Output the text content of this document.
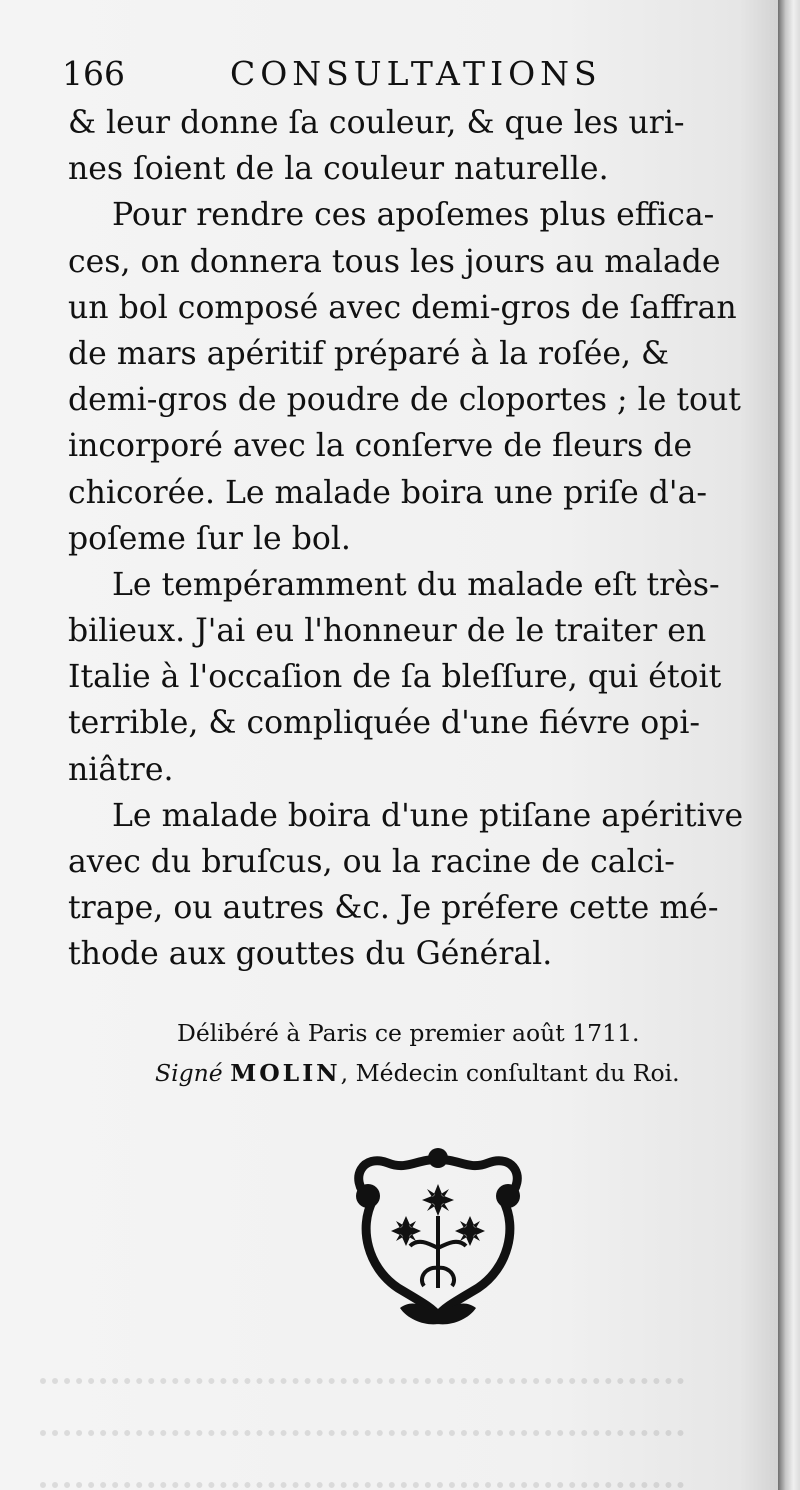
166	CONSULTATIONS
& leur donne ſa couleur, & que les uri-
nes ſoient de la couleur naturelle.
Pour rendre ces apoſemes plus effica-
ces, on donnera tous les jours au malade
un bol composé avec demi-gros de ſaffran
de mars apéritif préparé à la roſée, &
demi-gros de poudre de cloportes ; le tout
incorporé avec la conſerve de fleurs de
chicorée. Le malade boira une priſe d'a-
poſeme ſur le bol.
Le tempéramment du malade eſt très-
bilieux. J'ai eu l'honneur de le traiter en
Italie à l'occaſion de ſa bleſſure, qui étoit
terrible, & compliquée d'une fiévre opi-
niâtre.
Le malade boira d'une ptiſane apéritive
avec du bruſcus, ou la racine de calci-
trape, ou autres &c. Je préfere cette mé-
thode aux gouttes du Général.
Délibéré à Paris ce premier août 1711.
Signé MOLIN, Médecin conſultant du Roi.
